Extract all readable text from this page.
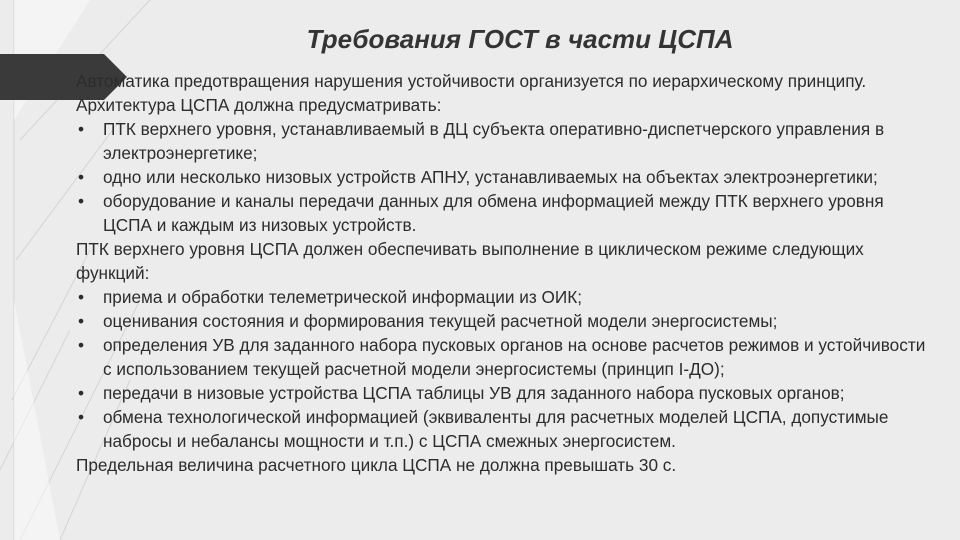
Требования ГОСТ в части ЦСПА

Автоматика предотвращения нарушения устойчивости организуется по иерархическому принципу. Архитектура ЦСПА должна предусматривать:

•	ПТК верхнего уровня, устанавливаемый в ДЦ субъекта оперативно-диспетчерского управления в электроэнергетике;
•	одно или несколько низовых устройств АПНУ, устанавливаемых на объектах электроэнергетики;
•	оборудование и каналы передачи данных для обмена информацией между ПТК верхнего уровня ЦСПА и каждым из низовых устройств.

ПТК верхнего уровня ЦСПА должен обеспечивать выполнение в циклическом режиме следующих функций:

•	приема и обработки телеметрической информации из ОИК;
•	оценивания состояния и формирования текущей расчетной модели энергосистемы;
•	определения УВ для заданного набора пусковых органов на основе расчетов режимов и устойчивости с использованием текущей расчетной модели энергосистемы (принцип I-ДО);
•	передачи в низовые устройства ЦСПА таблицы УВ для заданного набора пусковых органов;
•	обмена технологической информацией (эквиваленты для расчетных моделей ЦСПА, допустимые набросы и небалансы мощности и т.п.) с ЦСПА смежных энергосистем.

Предельная величина расчетного цикла ЦСПА не должна превышать 30 с.
